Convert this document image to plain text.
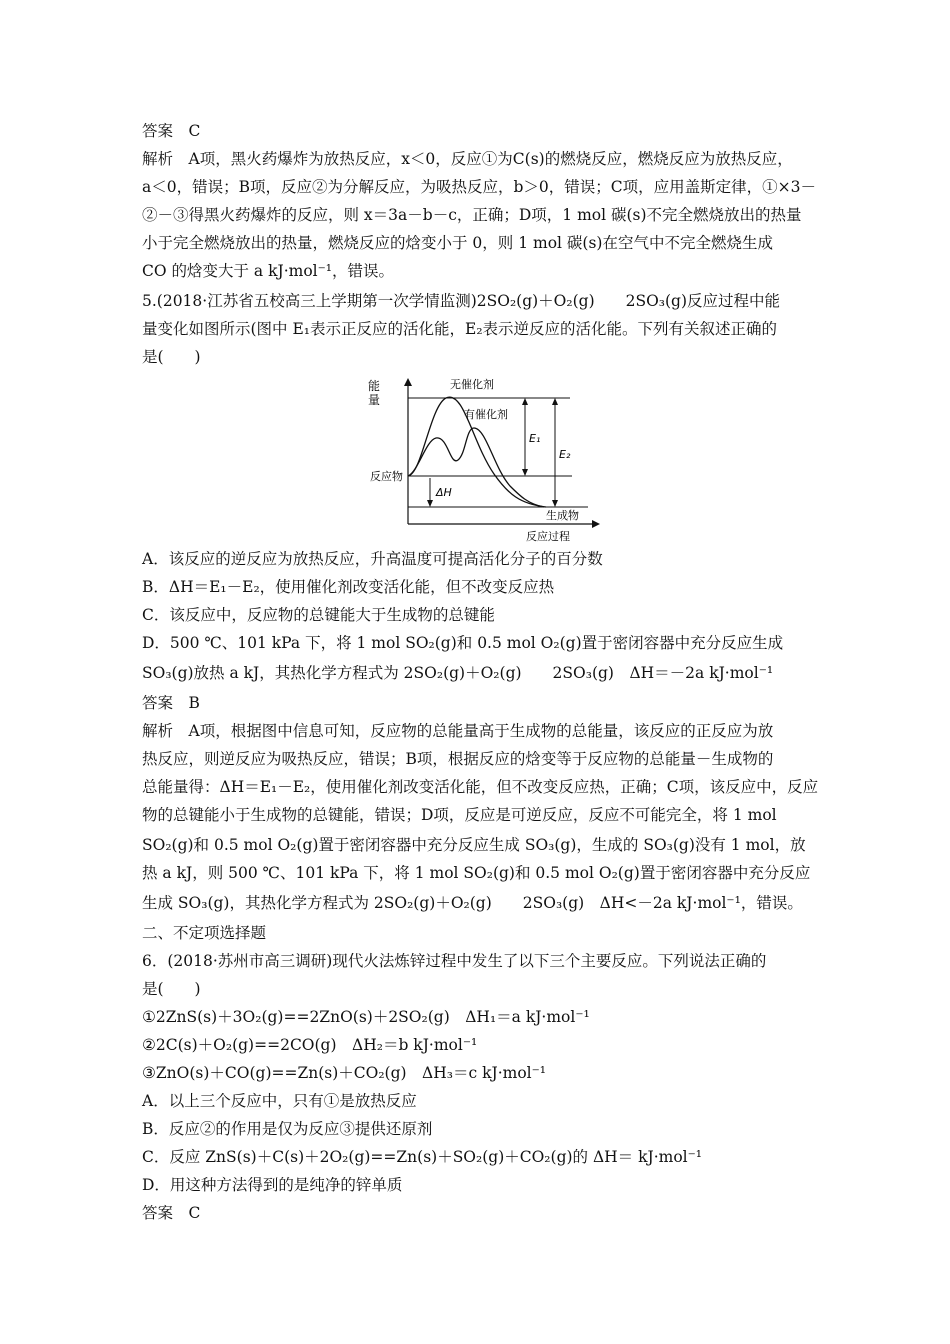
答案　C
解析　A项，黑火药爆炸为放热反应，x＜0，反应①为C(s)的燃烧反应，燃烧反应为放热反应，
a＜0，错误；B项，反应②为分解反应，为吸热反应，b＞0，错误；C项，应用盖斯定律，①×3－
②－③得黑火药爆炸的反应，则 x＝3a－b－c，正确；D项，1 mol 碳(s)不完全燃烧放出的热量
小于完全燃烧放出的热量，燃烧反应的焓变小于 0，则 1 mol 碳(s)在空气中不完全燃烧生成
CO 的焓变大于 a kJ·mol⁻¹，错误。
5.(2018·江苏省五校高三上学期第一次学情监测)2SO₂(g)＋O₂(g)　　2SO₃(g)反应过程中能
量变化如图所示(图中 E₁表示正反应的活化能，E₂表示逆反应的活化能。下列有关叙述正确的
是(　　)
能
量
无催化剂
有催化剂
反应物
生成物
反应过程
ΔH
E₁
E₂
A．该反应的逆反应为放热反应，升高温度可提高活化分子的百分数
B．ΔH＝E₁－E₂，使用催化剂改变活化能，但不改变反应热
C．该反应中，反应物的总键能大于生成物的总键能
D．500 ℃、101 kPa 下，将 1 mol SO₂(g)和 0.5 mol O₂(g)置于密闭容器中充分反应生成
SO₃(g)放热 a kJ，其热化学方程式为 2SO₂(g)＋O₂(g)　　2SO₃(g)　ΔH＝－2a kJ·mol⁻¹
答案　B
解析　A项，根据图中信息可知，反应物的总能量高于生成物的总能量，该反应的正反应为放
热反应，则逆反应为吸热反应，错误；B项，根据反应的焓变等于反应物的总能量－生成物的
总能量得：ΔH＝E₁－E₂，使用催化剂改变活化能，但不改变反应热，正确；C项，该反应中，反应
物的总键能小于生成物的总键能，错误；D项，反应是可逆反应，反应不可能完全，将 1 mol
SO₂(g)和 0.5 mol O₂(g)置于密闭容器中充分反应生成 SO₃(g)，生成的 SO₃(g)没有 1 mol，放
热 a kJ，则 500 ℃、101 kPa 下，将 1 mol SO₂(g)和 0.5 mol O₂(g)置于密闭容器中充分反应
生成 SO₃(g)，其热化学方程式为 2SO₂(g)＋O₂(g)　　2SO₃(g)　ΔH<－2a kJ·mol⁻¹，错误。
二、不定项选择题
6．(2018·苏州市高三调研)现代火法炼锌过程中发生了以下三个主要反应。下列说法正确的
是(　　)
①2ZnS(s)＋3O₂(g)==2ZnO(s)＋2SO₂(g)　ΔH₁＝a kJ·mol⁻¹
②2C(s)＋O₂(g)==2CO(g)　ΔH₂＝b kJ·mol⁻¹
③ZnO(s)＋CO(g)==Zn(s)＋CO₂(g)　ΔH₃＝c kJ·mol⁻¹
A．以上三个反应中，只有①是放热反应
B．反应②的作用是仅为反应③提供还原剂
C．反应 ZnS(s)＋C(s)＋2O₂(g)==Zn(s)＋SO₂(g)＋CO₂(g)的 ΔH＝ kJ·mol⁻¹
D．用这种方法得到的是纯净的锌单质
答案　C
